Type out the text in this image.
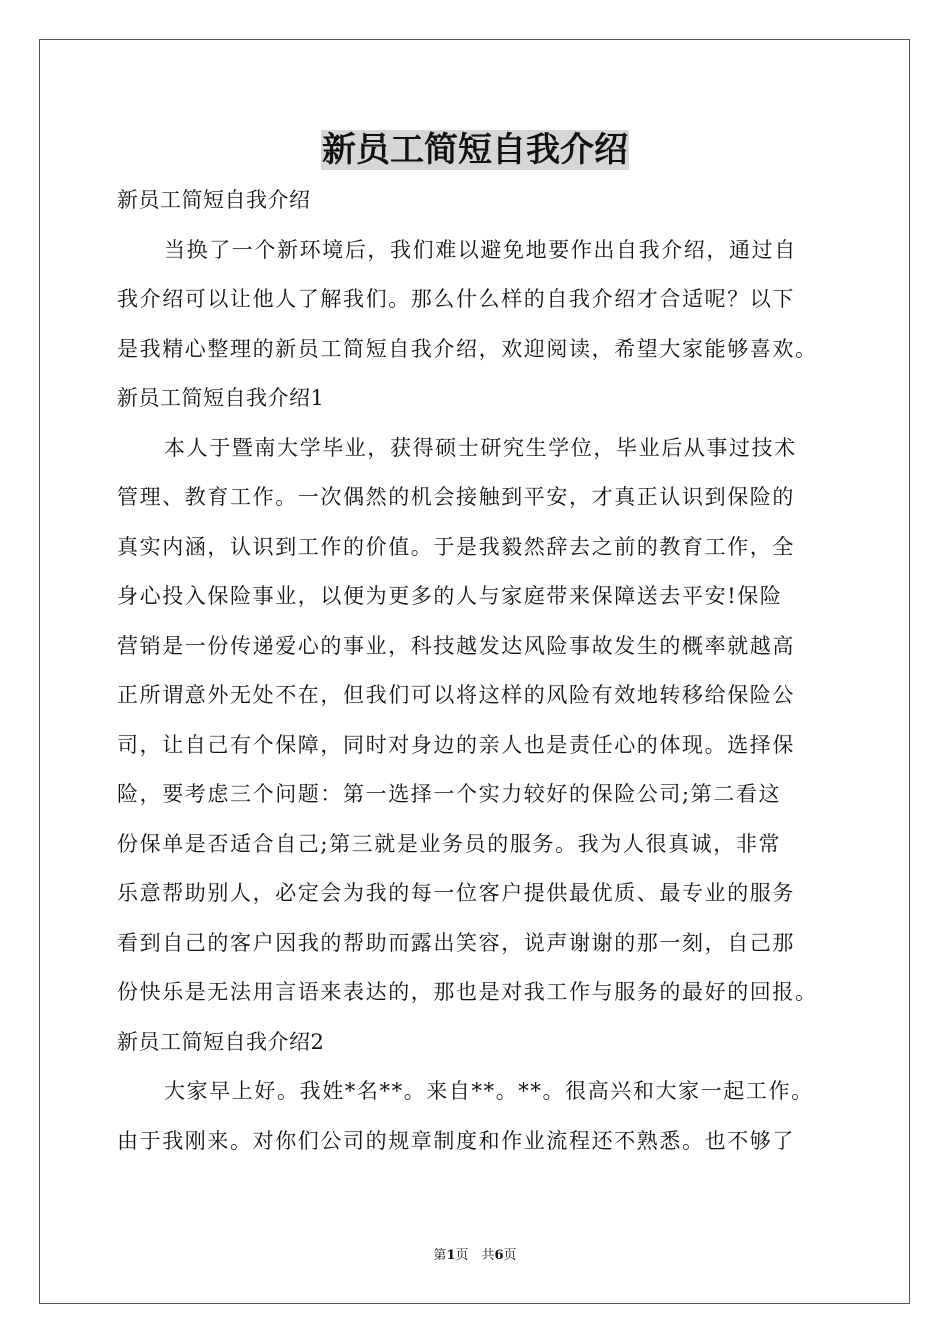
新员工简短自我介绍
新员工简短自我介绍
当换了一个新环境后，我们难以避免地要作出自我介绍，通过自
我介绍可以让他人了解我们。那么什么样的自我介绍才合适呢？以下
是我精心整理的新员工简短自我介绍，欢迎阅读，希望大家能够喜欢。
新员工简短自我介绍1
本人于暨南大学毕业，获得硕士研究生学位，毕业后从事过技术
管理、教育工作。一次偶然的机会接触到平安，才真正认识到保险的
真实内涵，认识到工作的价值。于是我毅然辞去之前的教育工作，全
身心投入保险事业，以便为更多的人与家庭带来保障送去平安!保险
营销是一份传递爱心的事业，科技越发达风险事故发生的概率就越高
正所谓意外无处不在，但我们可以将这样的风险有效地转移给保险公
司，让自己有个保障，同时对身边的亲人也是责任心的体现。选择保
险，要考虑三个问题：第一选择一个实力较好的保险公司;第二看这
份保单是否适合自己;第三就是业务员的服务。我为人很真诚，非常
乐意帮助别人，必定会为我的每一位客户提供最优质、最专业的服务
看到自己的客户因我的帮助而露出笑容，说声谢谢的那一刻，自己那
份快乐是无法用言语来表达的，那也是对我工作与服务的最好的回报。
新员工简短自我介绍2
大家早上好。我姓*名**。来自**。**。很高兴和大家一起工作。
由于我刚来。对你们公司的规章制度和作业流程还不熟悉。也不够了
第1页　共6页
